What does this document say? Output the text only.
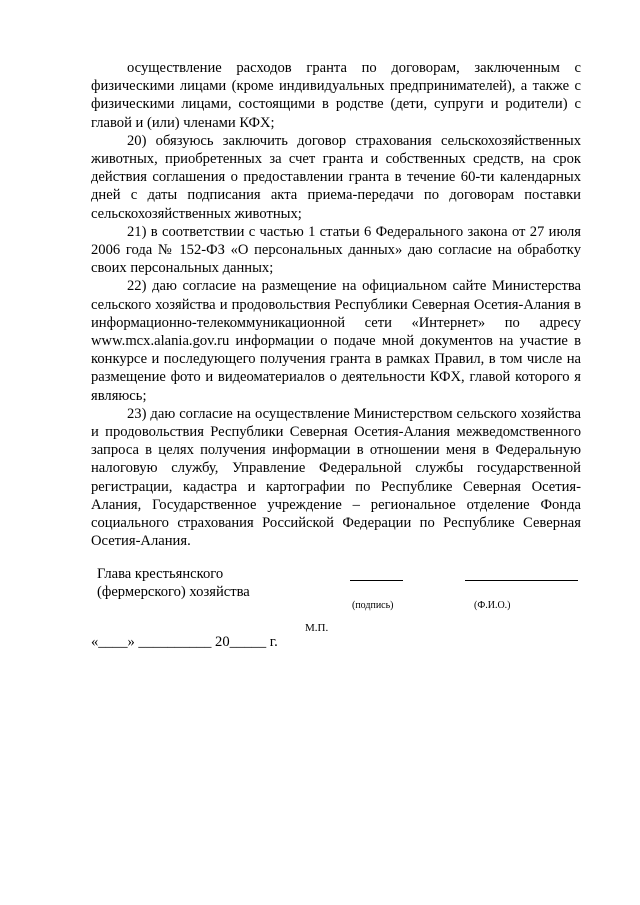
осуществление расходов гранта по договорам, заключенным с физическими лицами (кроме индивидуальных предпринимателей), а также с физическими лицами, состоящими в родстве (дети, супруги и родители) с главой и (или) членами КФХ;

20) обязуюсь заключить договор страхования сельскохозяйственных животных, приобретенных за счет гранта и собственных средств, на срок действия соглашения о предоставлении гранта в течение 60-ти календарных дней с даты подписания акта приема-передачи по договорам поставки сельскохозяйственных животных;

21) в соответствии с частью 1 статьи 6 Федерального закона от 27 июля 2006 года № 152-ФЗ «О персональных данных» даю согласие на обработку своих персональных данных;

22) даю согласие на размещение на официальном сайте Министерства сельского хозяйства и продовольствия Республики Северная Осетия-Алания в информационно-телекоммуникационной сети «Интернет» по адресу www.mcx.alania.gov.ru информации о подаче мной документов на участие в конкурсе и последующего получения гранта в рамках Правил, в том числе на размещение фото и видеоматериалов о деятельности КФХ, главой которого я являюсь;

23) даю согласие на осуществление Министерством сельского хозяйства и продовольствия Республики Северная Осетия-Алания межведомственного запроса в целях получения информации в отношении меня в Федеральную налоговую службу, Управление Федеральной службы государственной регистрации, кадастра и картографии по Республике Северная Осетия-Алания, Государственное учреждение – региональное отделение Фонда социального страхования Российской Федерации по Республике Северная Осетия-Алания.

Глава крестьянского
(фермерского) хозяйства
(подпись)	(Ф.И.О.)
М.П.
«____» __________ 20_____ г.
